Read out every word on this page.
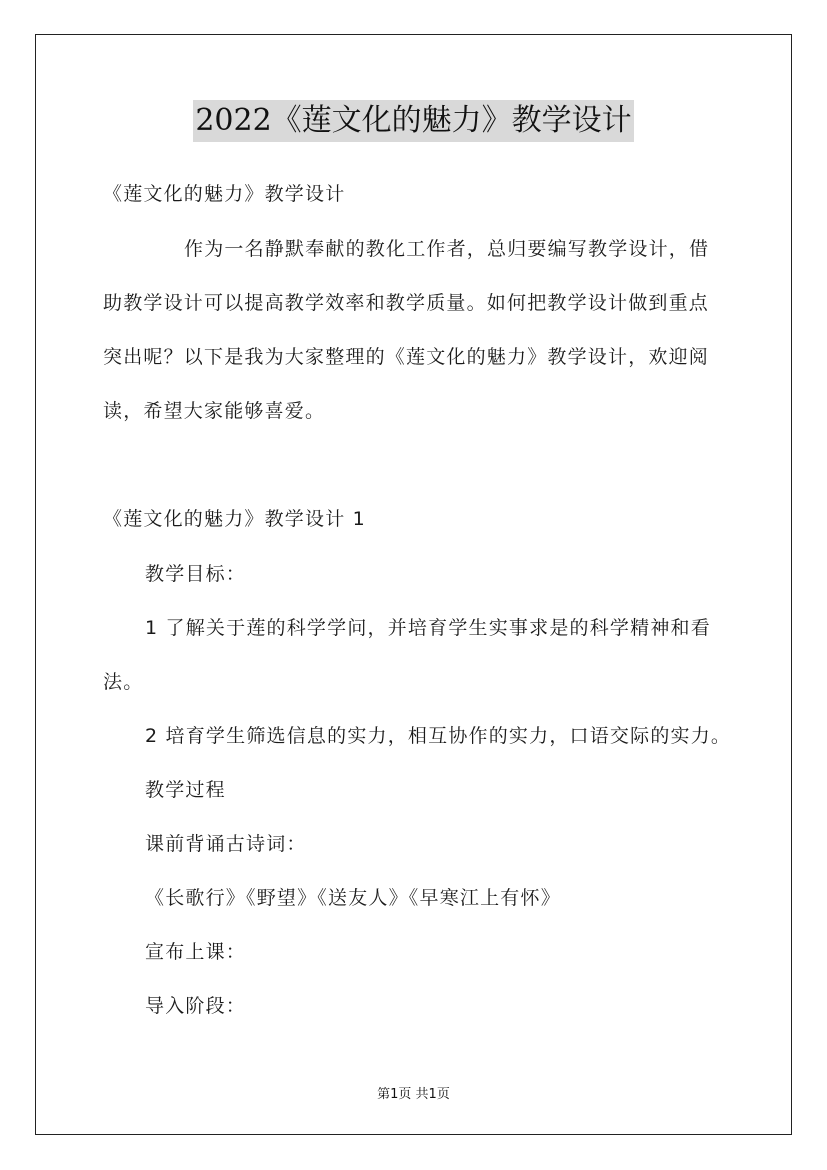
2022《莲文化的魅力》教学设计
《莲文化的魅力》教学设计
作为一名静默奉献的教化工作者，总归要编写教学设计，借
助教学设计可以提高教学效率和教学质量。如何把教学设计做到重点
突出呢？以下是我为大家整理的《莲文化的魅力》教学设计，欢迎阅
读，希望大家能够喜爱。
《莲文化的魅力》教学设计 1
教学目标：
1 了解关于莲的科学学问，并培育学生实事求是的科学精神和看
法。
2 培育学生筛选信息的实力，相互协作的实力，口语交际的实力。
教学过程
课前背诵古诗词：
《长歌行》《野望》《送友人》《早寒江上有怀》
宣布上课：
导入阶段：
第1页 共1页
